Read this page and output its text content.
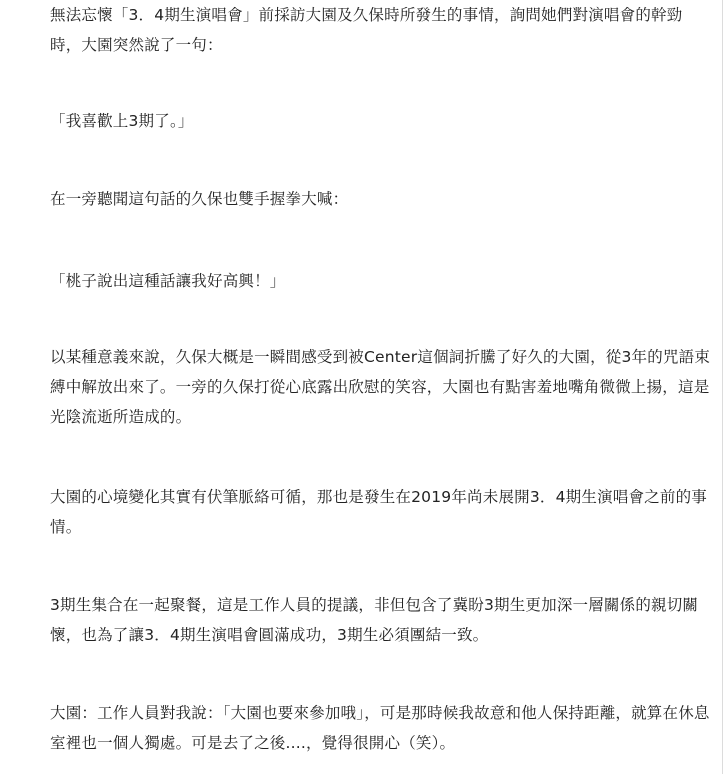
無法忘懷「3．4期生演唱會」前採訪大園及久保時所發生的事情，詢問她們對演唱會的幹勁時，大園突然說了一句：

「我喜歡上3期了。」

在一旁聽聞這句話的久保也雙手握拳大喊：

「桃子說出這種話讓我好高興！」

以某種意義來說，久保大概是一瞬間感受到被Center這個詞折騰了好久的大園，從3年的咒語束縛中解放出來了。一旁的久保打從心底露出欣慰的笑容，大園也有點害羞地嘴角微微上揚，這是光陰流逝所造成的。

大園的心境變化其實有伏筆脈絡可循，那也是發生在2019年尚未展開3．4期生演唱會之前的事情。

3期生集合在一起聚餐，這是工作人員的提議，非但包含了冀盼3期生更加深一層關係的親切關懷，也為了讓3．4期生演唱會圓滿成功，3期生必須團結一致。

大園：工作人員對我說：「大園也要來參加哦」，可是那時候我故意和他人保持距離，就算在休息室裡也一個人獨處。可是去了之後....，覺得很開心（笑）。
